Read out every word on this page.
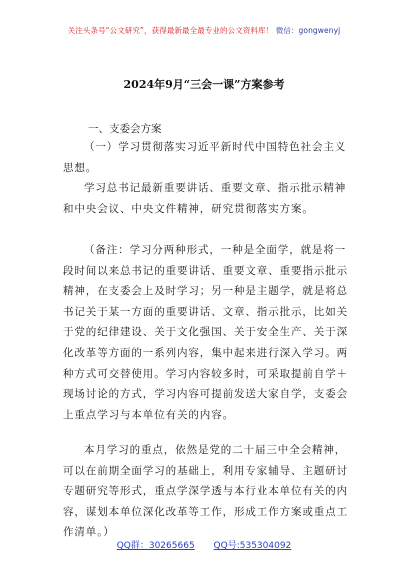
关注头条号“公文研究”，获得最新最全最专业的公文资料库！ 微信：gongwenyj
2024年9月“三会一课”方案参考
一、支委会方案
（一）学习贯彻落实习近平新时代中国特色社会主义
思想。
学习总书记最新重要讲话、重要文章、指示批示精神
和中央会议、中央文件精神，研究贯彻落实方案。
（备注：学习分两种形式，一种是全面学，就是将一
段时间以来总书记的重要讲话、重要文章、重要指示批示
精神，在支委会上及时学习；另一种是主题学，就是将总
书记关于某一方面的重要讲话、文章、指示批示，比如关
于党的纪律建设、关于文化强国、关于安全生产、关于深
化改革等方面的一系列内容，集中起来进行深入学习。两
种方式可交替使用。学习内容较多时，可采取提前自学＋
现场讨论的方式，学习内容可提前发送大家自学，支委会
上重点学习与本单位有关的内容。
本月学习的重点，依然是党的二十届三中全会精神，
可以在前期全面学习的基础上，利用专家辅导、主题研讨
专题研究等形式，重点学深学透与本行业本单位有关的内
容，谋划本单位深化改革等工作，形成工作方案或重点工
作清单。）
QQ群：30265665 QQ号:535304092
